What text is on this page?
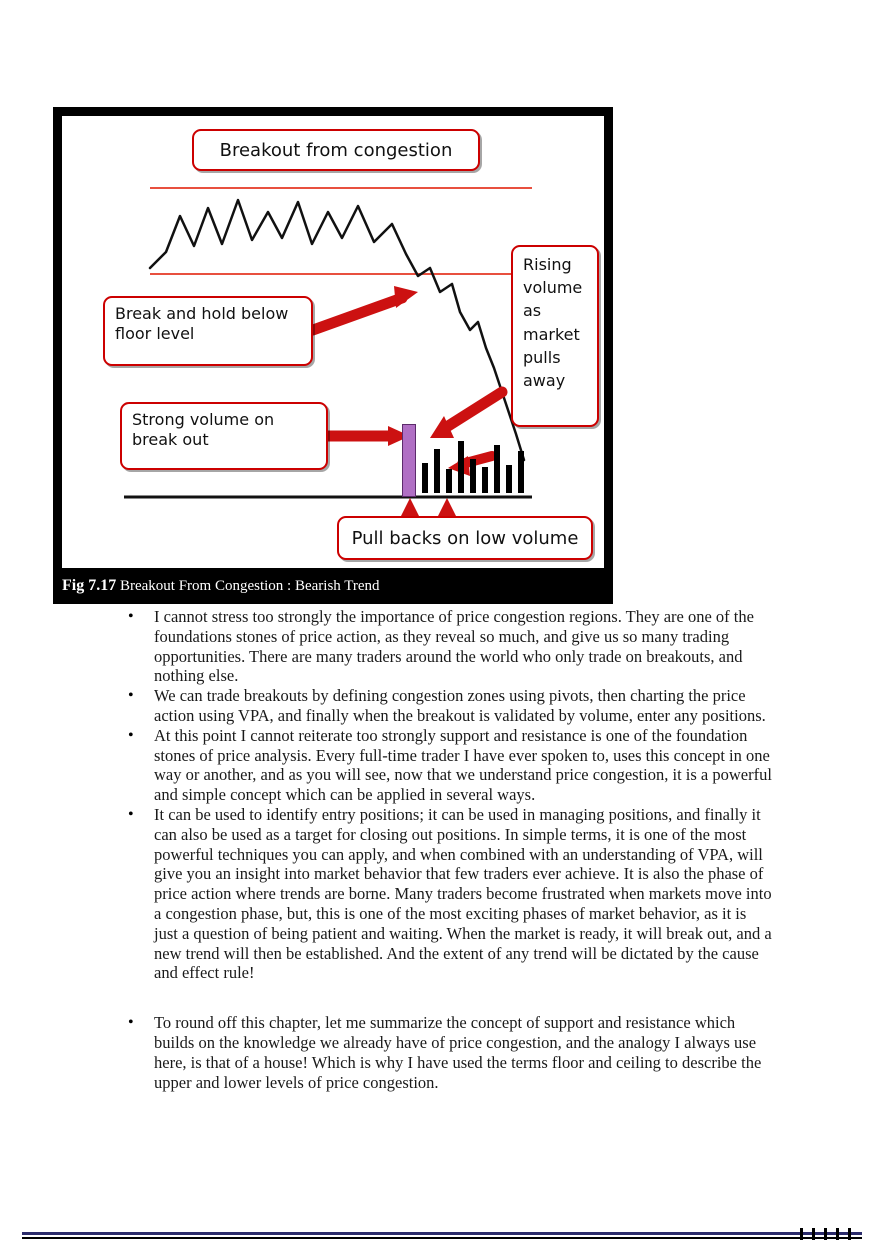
Breakout from congestion
Break and hold below floor level
Strong volume on break out
Rising volume as market pulls away
Pull backs on low volume
Fig 7.17 Breakout From Congestion : Bearish Trend
•	I cannot stress too strongly the importance of price congestion regions. They are one of the foundations stones of price action, as they reveal so much, and give us so many trading opportunities. There are many traders around the world who only trade on breakouts, and nothing else.
•	We can trade breakouts by defining congestion zones using pivots, then charting the price action using VPA, and finally when the breakout is validated by volume, enter any positions.
•	At this point I cannot reiterate too strongly support and resistance is one of the foundation stones of price analysis. Every full-time trader I have ever spoken to, uses this concept in one way or another, and as you will see, now that we understand price congestion, it is a powerful and simple concept which can be applied in several ways.
•	It can be used to identify entry positions; it can be used in managing positions, and finally it can also be used as a target for closing out positions. In simple terms, it is one of the most powerful techniques you can apply, and when combined with an understanding of VPA, will give you an insight into market behavior that few traders ever achieve. It is also the phase of price action where trends are borne. Many traders become frustrated when markets move into a congestion phase, but, this is one of the most exciting phases of market behavior, as it is just a question of being patient and waiting. When the market is ready, it will break out, and a new trend will then be established. And the extent of any trend will be dictated by the cause and effect rule!
•	To round off this chapter, let me summarize the concept of support and resistance which builds on the knowledge we already have of price congestion, and the analogy I always use here, is that of a house! Which is why I have used the terms floor and ceiling to describe the upper and lower levels of price congestion.
